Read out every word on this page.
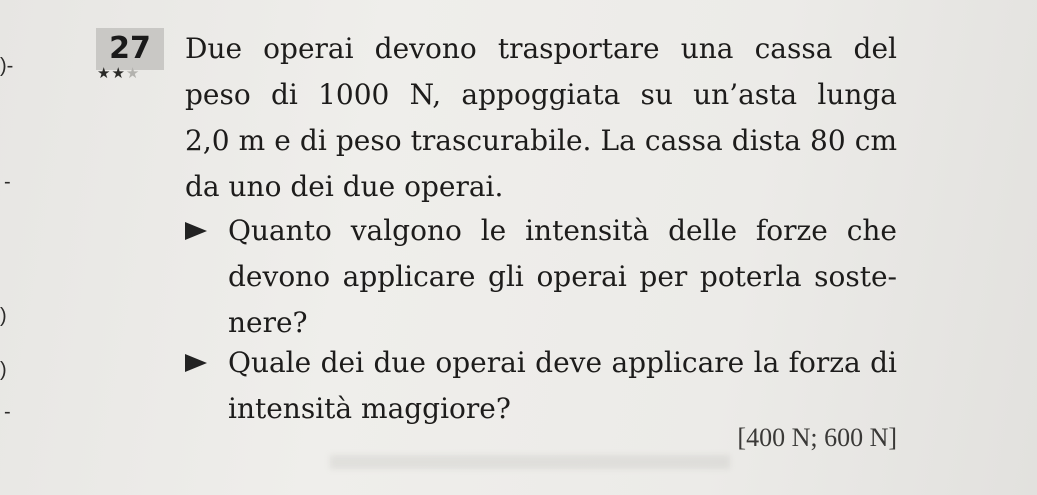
)-
-
)
)
-
27
★★★
Due operai devono trasportare una cassa del
peso di 1000 N, appoggiata su un’asta lunga
2,0 m e di peso trascurabile. La cassa dista 80 cm
da uno dei due operai.
Quanto valgono le intensità delle forze che
devono applicare gli operai per poterla soste-
nere?
Quale dei due operai deve applicare la forza di
intensità maggiore?
[400 N; 600 N]
